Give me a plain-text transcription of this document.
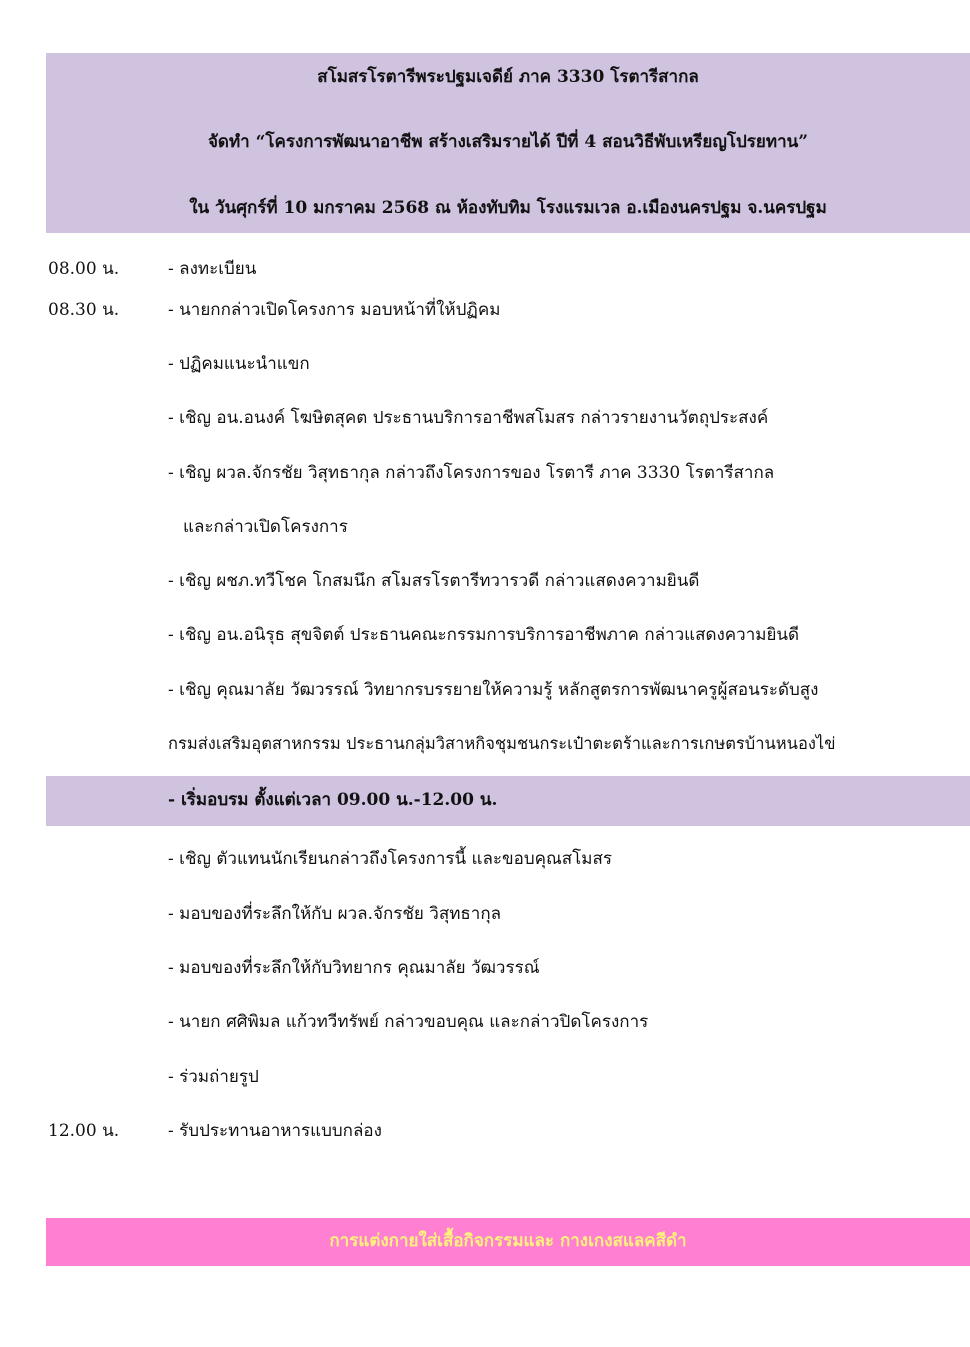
สโมสรโรตารีพระปฐมเจดีย์ ภาค 3330 โรตารีสากล
จัดทำ “โครงการพัฒนาอาชีพ สร้างเสริมรายได้ ปีที่ 4 สอนวิธีพับเหรียญโปรยทาน”
ใน วันศุกร์ที่ 10 มกราคม 2568 ณ ห้องทับทิม โรงแรมเวล อ.เมืองนครปฐม จ.นครปฐม
08.00 น.	- ลงทะเบียน
08.30 น.	- นายกกล่าวเปิดโครงการ มอบหน้าที่ให้ปฏิคม
- ปฏิคมแนะนำแขก
- เชิญ อน.อนงค์ โฆษิตสุคต ประธานบริการอาชีพสโมสร กล่าวรายงานวัตถุประสงค์
- เชิญ ผวล.จักรชัย วิสุทธากุล กล่าวถึงโครงการของ โรตารี ภาค 3330 โรตารีสากล
และกล่าวเปิดโครงการ
- เชิญ ผชภ.ทวีโชค โกสมนึก สโมสรโรตารีทวารวดี กล่าวแสดงความยินดี
- เชิญ อน.อนิรุธ สุขจิตต์ ประธานคณะกรรมการบริการอาชีพภาค กล่าวแสดงความยินดี
- เชิญ คุณมาลัย วัฒวรรณ์ วิทยากรบรรยายให้ความรู้ หลักสูตรการพัฒนาครูผู้สอนระดับสูง
กรมส่งเสริมอุตสาหกรรม ประธานกลุ่มวิสาหกิจชุมชนกระเป๋าตะตร้าและการเกษตรบ้านหนองไข่
- เริ่มอบรม ตั้งแต่เวลา 09.00 น.-12.00 น.
- เชิญ ตัวแทนนักเรียนกล่าวถึงโครงการนี้ และขอบคุณสโมสร
- มอบของที่ระลึกให้กับ ผวล.จักรชัย วิสุทธากุล
- มอบของที่ระลึกให้กับวิทยากร คุณมาลัย วัฒวรรณ์
- นายก ศศิพิมล แก้วทวีทรัพย์ กล่าวขอบคุณ และกล่าวปิดโครงการ
- ร่วมถ่ายรูป
12.00 น.	- รับประทานอาหารแบบกล่อง
การแต่งกายใส่เสื้อกิจกรรมและ กางเกงสแลคสีดำ
